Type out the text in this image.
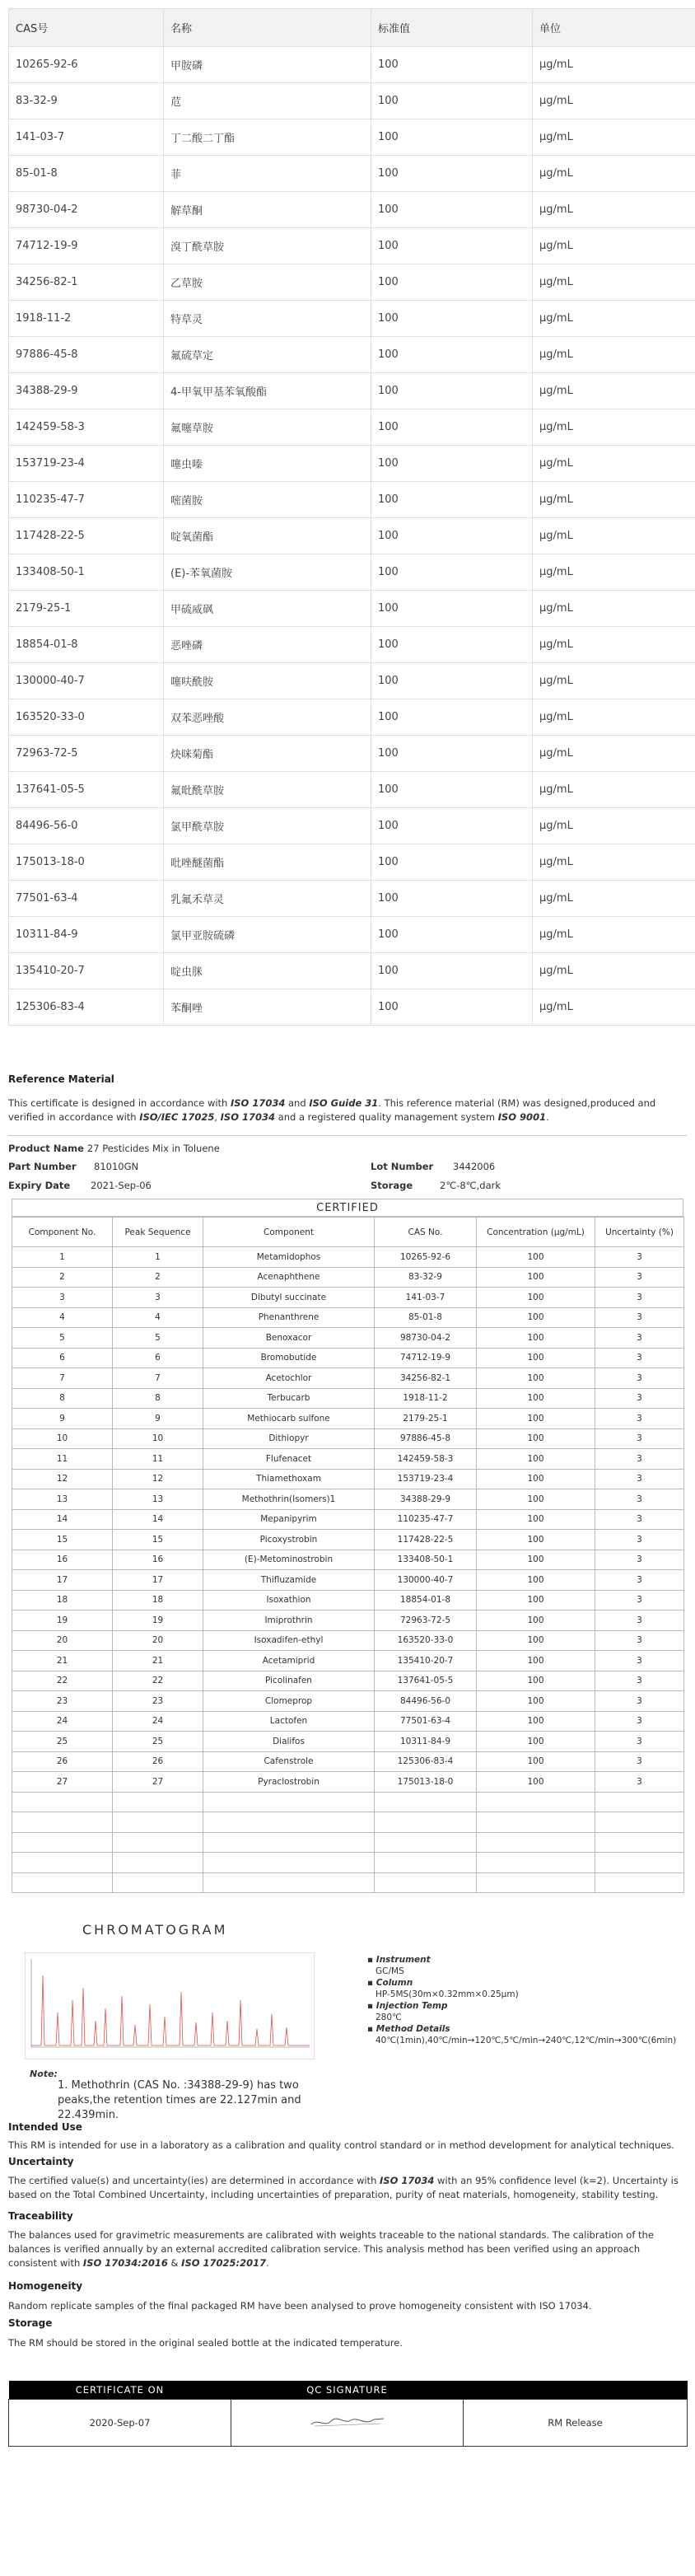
CAS号	名称	标准值	单位
10265-92-6	甲胺磷	100	μg/mL
83-32-9	苊	100	μg/mL
141-03-7	丁二酸二丁酯	100	μg/mL
85-01-8	菲	100	μg/mL
98730-04-2	解草酮	100	μg/mL
74712-19-9	溴丁酰草胺	100	μg/mL
34256-82-1	乙草胺	100	μg/mL
1918-11-2	特草灵	100	μg/mL
97886-45-8	氟硫草定	100	μg/mL
34388-29-9	4-甲氧甲基苯氧酸酯	100	μg/mL
142459-58-3	氟噻草胺	100	μg/mL
153719-23-4	噻虫嗪	100	μg/mL
110235-47-7	嘧菌胺	100	μg/mL
117428-22-5	啶氧菌酯	100	μg/mL
133408-50-1	(E)-苯氧菌胺	100	μg/mL
2179-25-1	甲硫威砜	100	μg/mL
18854-01-8	恶唑磷	100	μg/mL
130000-40-7	噻呋酰胺	100	μg/mL
163520-33-0	双苯恶唑酸	100	μg/mL
72963-72-5	炔咪菊酯	100	μg/mL
137641-05-5	氟吡酰草胺	100	μg/mL
84496-56-0	氯甲酰草胺	100	μg/mL
175013-18-0	吡唑醚菌酯	100	μg/mL
77501-63-4	乳氟禾草灵	100	μg/mL
10311-84-9	氯甲亚胺硫磷	100	μg/mL
135410-20-7	啶虫脒	100	μg/mL
125306-83-4	苯酮唑	100	μg/mL
Reference Material
This certificate is designed in accordance with ISO 17034 and ISO Guide 31. This reference material (RM) was designed,produced and verified in accordance with ISO/IEC 17025, ISO 17034 and a registered quality management system ISO 9001.
Product Name 27 Pesticides Mix in Toluene
Part Number 81010GN	Lot Number 3442006
Expiry Date 2021-Sep-06	Storage	2℃-8℃,dark
CERTIFIED
Component No.	Peak Sequence	Component	CAS No.	Concentration (μg/mL)	Uncertainty (%)
1	1	Metamidophos	10265-92-6	100	3
2	2	Acenaphthene	83-32-9	100	3
3	3	Dibutyl succinate	141-03-7	100	3
4	4	Phenanthrene	85-01-8	100	3
5	5	Benoxacor	98730-04-2	100	3
6	6	Bromobutide	74712-19-9	100	3
7	7	Acetochlor	34256-82-1	100	3
8	8	Terbucarb	1918-11-2	100	3
9	9	Methiocarb sulfone	2179-25-1	100	3
10	10	Dithiopyr	97886-45-8	100	3
11	11	Flufenacet	142459-58-3	100	3
12	12	Thiamethoxam	153719-23-4	100	3
13	13	Methothrin(Isomers)1	34388-29-9	100	3
14	14	Mepanipyrim	110235-47-7	100	3
15	15	Picoxystrobin	117428-22-5	100	3
16	16	(E)-Metominostrobin	133408-50-1	100	3
17	17	Thifluzamide	130000-40-7	100	3
18	18	Isoxathion	18854-01-8	100	3
19	19	Imiprothrin	72963-72-5	100	3
20	20	Isoxadifen-ethyl	163520-33-0	100	3
21	21	Acetamiprid	135410-20-7	100	3
22	22	Picolinafen	137641-05-5	100	3
23	23	Clomeprop	84496-56-0	100	3
24	24	Lactofen	77501-63-4	100	3
25	25	Dialifos	10311-84-9	100	3
26	26	Cafenstrole	125306-83-4	100	3
27	27	Pyraclostrobin	175013-18-0	100	3

CHROMATOGRAM
▪ Instrument
GC/MS
▪ Column
HP-5MS(30m×0.32mm×0.25μm)
▪ Injection Temp
280℃
▪ Method Details
40℃(1min),40℃/min→120℃,5℃/min→240℃,12℃/min→300℃(6min)
Note:
1. Methothrin (CAS No. :34388-29-9) has two peaks,the retention times are 22.127min and 22.439min.
Intended Use
This RM is intended for use in a laboratory as a calibration and quality control standard or in method development for analytical techniques.
Uncertainty
The certified value(s) and uncertainty(ies) are determined in accordance with ISO 17034 with an 95% confidence level (k=2). Uncertainty is based on the Total Combined Uncertainty, including uncertainties of preparation, purity of neat materials, homogeneity, stability testing.
Traceability
The balances used for gravimetric measurements are calibrated with weights traceable to the national standards. The calibration of the balances is verified annually by an external accredited calibration service. This analysis method has been verified using an approach consistent with ISO 17034:2016 & ISO 17025:2017.
Homogeneity
Random replicate samples of the final packaged RM have been analysed to prove homogeneity consistent with ISO 17034.
Storage
The RM should be stored in the original sealed bottle at the indicated temperature.
CERTIFICATE ON	QC SIGNATURE	
2020-Sep-07		RM Release
